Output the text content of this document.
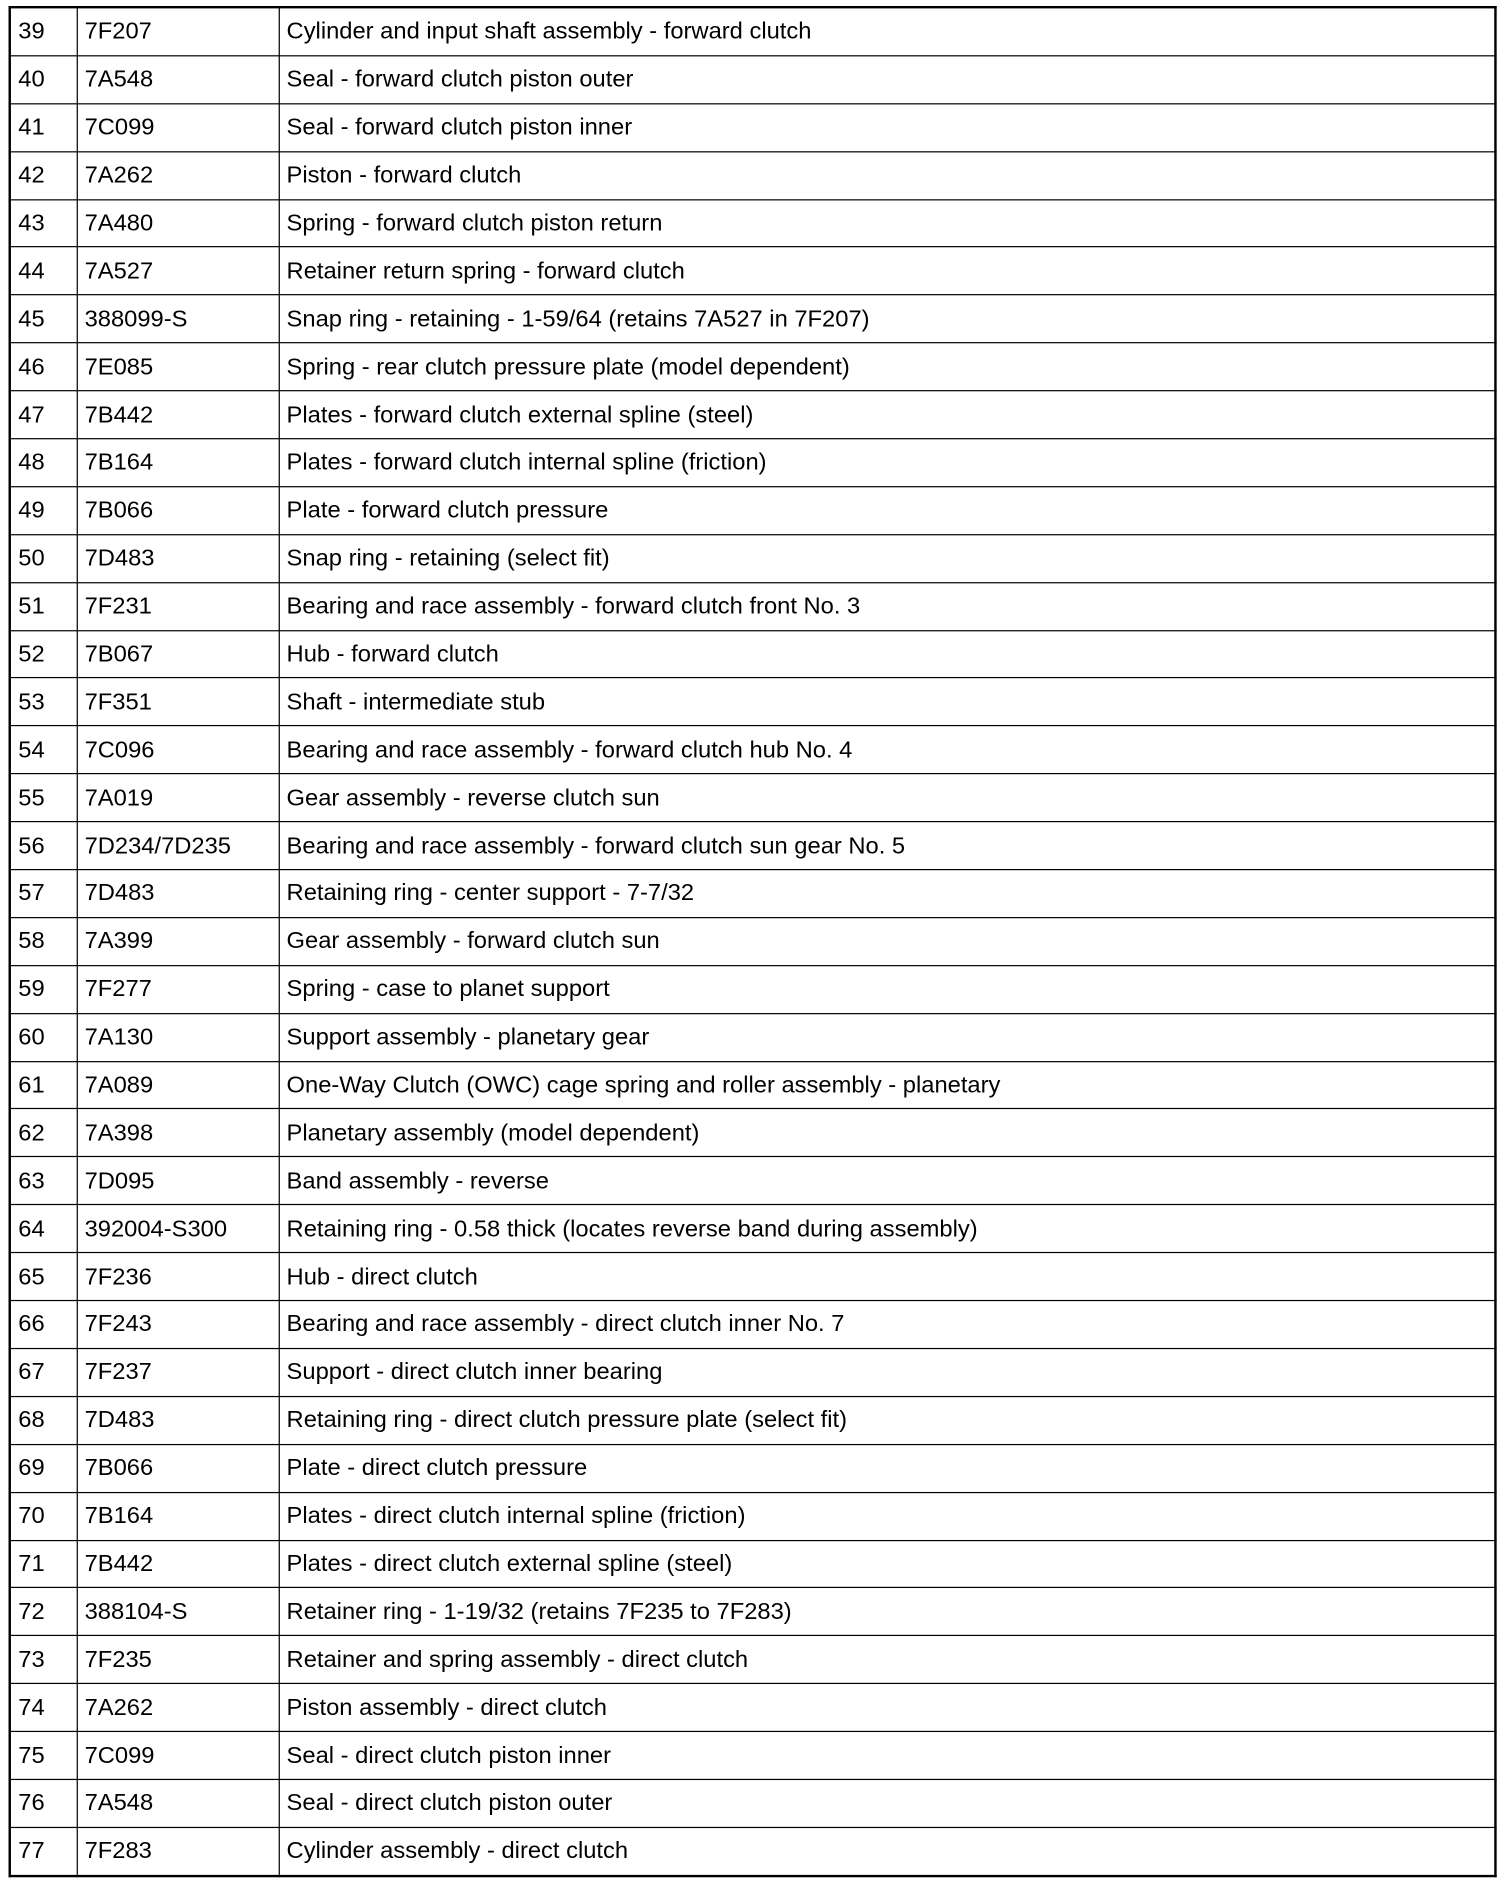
39	7F207	Cylinder and input shaft assembly - forward clutch
40	7A548	Seal - forward clutch piston outer
41	7C099	Seal - forward clutch piston inner
42	7A262	Piston - forward clutch
43	7A480	Spring - forward clutch piston return
44	7A527	Retainer return spring - forward clutch
45	388099-S	Snap ring - retaining - 1-59/64 (retains 7A527 in 7F207)
46	7E085	Spring - rear clutch pressure plate (model dependent)
47	7B442	Plates - forward clutch external spline (steel)
48	7B164	Plates - forward clutch internal spline (friction)
49	7B066	Plate - forward clutch pressure
50	7D483	Snap ring - retaining (select fit)
51	7F231	Bearing and race assembly - forward clutch front No. 3
52	7B067	Hub - forward clutch
53	7F351	Shaft - intermediate stub
54	7C096	Bearing and race assembly - forward clutch hub No. 4
55	7A019	Gear assembly - reverse clutch sun
56	7D234/7D235	Bearing and race assembly - forward clutch sun gear No. 5
57	7D483	Retaining ring - center support - 7-7/32
58	7A399	Gear assembly - forward clutch sun
59	7F277	Spring - case to planet support
60	7A130	Support assembly - planetary gear
61	7A089	One-Way Clutch (OWC) cage spring and roller assembly - planetary
62	7A398	Planetary assembly (model dependent)
63	7D095	Band assembly - reverse
64	392004-S300	Retaining ring - 0.58 thick (locates reverse band during assembly)
65	7F236	Hub - direct clutch
66	7F243	Bearing and race assembly - direct clutch inner No. 7
67	7F237	Support - direct clutch inner bearing
68	7D483	Retaining ring - direct clutch pressure plate (select fit)
69	7B066	Plate - direct clutch pressure
70	7B164	Plates - direct clutch internal spline (friction)
71	7B442	Plates - direct clutch external spline (steel)
72	388104-S	Retainer ring - 1-19/32 (retains 7F235 to 7F283)
73	7F235	Retainer and spring assembly - direct clutch
74	7A262	Piston assembly - direct clutch
75	7C099	Seal - direct clutch piston inner
76	7A548	Seal - direct clutch piston outer
77	7F283	Cylinder assembly - direct clutch
